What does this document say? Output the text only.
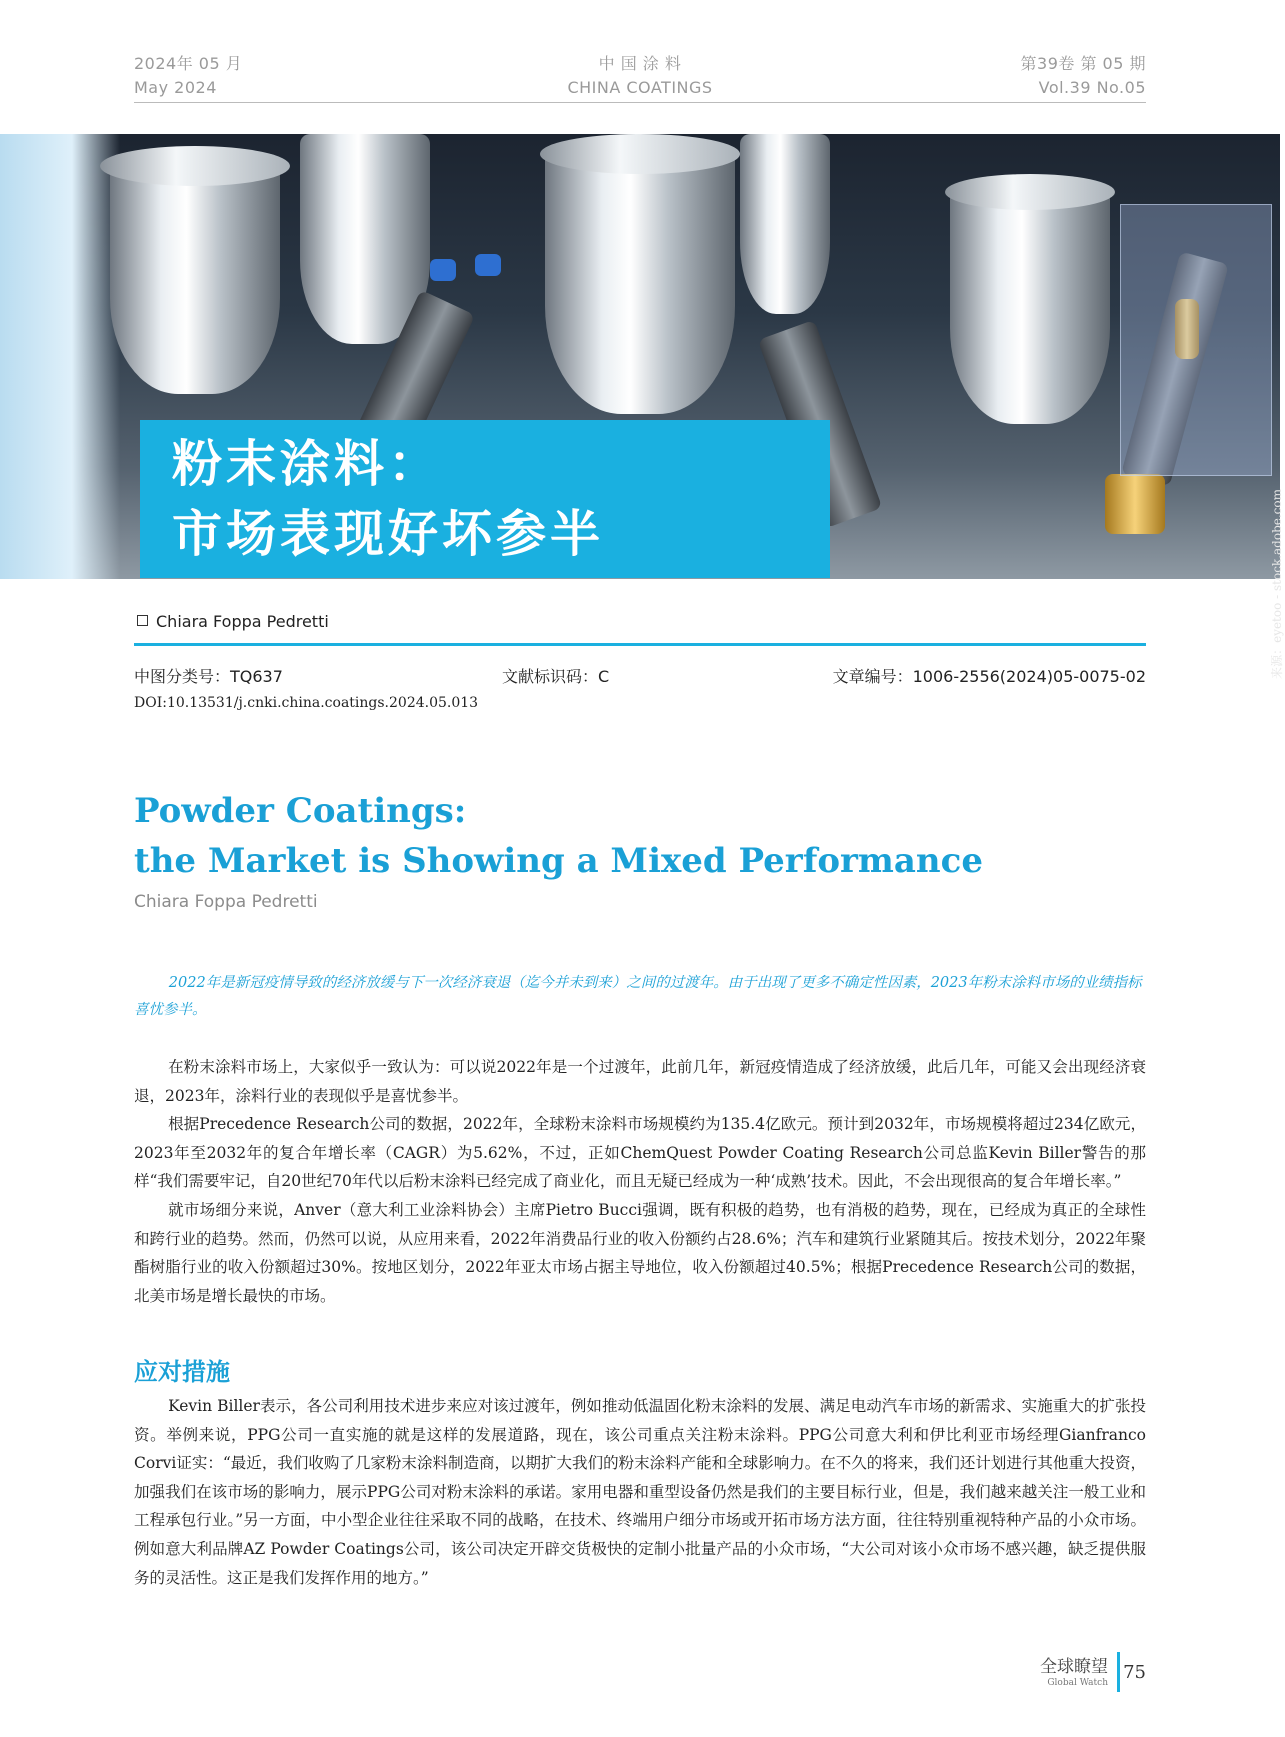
2024年 05 月
May 2024
中 国 涂 料
CHINA COATINGS
第39卷 第 05 期
Vol.39 No.05
来源：eyetoo - stock.adobe.com
粉末涂料：
市场表现好坏参半
Chiara Foppa Pedretti
中图分类号：TQ637	文献标识码：C	文章编号：1006-2556(2024)05-0075-02
DOI:10.13531/j.cnki.china.coatings.2024.05.013
Powder Coatings:
the Market is Showing a Mixed Performance
Chiara Foppa Pedretti
2022年是新冠疫情导致的经济放缓与下一次经济衰退（迄今并未到来）之间的过渡年。由于出现了更多不确定性因素，2023年粉末涂料市场的业绩指标喜忧参半。

在粉末涂料市场上，大家似乎一致认为：可以说2022年是一个过渡年，此前几年，新冠疫情造成了经济放缓，此后几年，可能又会出现经济衰退，2023年，涂料行业的表现似乎是喜忧参半。

根据Precedence Research公司的数据，2022年，全球粉末涂料市场规模约为135.4亿欧元。预计到2032年，市场规模将超过234亿欧元，2023年至2032年的复合年增长率（CAGR）为5.62%，不过，正如ChemQuest Powder Coating Research公司总监Kevin Biller警告的那样“我们需要牢记，自20世纪70年代以后粉末涂料已经完成了商业化，而且无疑已经成为一种‘成熟’技术。因此，不会出现很高的复合年增长率。”

就市场细分来说，Anver（意大利工业涂料协会）主席Pietro Bucci强调，既有积极的趋势，也有消极的趋势，现在，已经成为真正的全球性和跨行业的趋势。然而，仍然可以说，从应用来看，2022年消费品行业的收入份额约占28.6%；汽车和建筑行业紧随其后。按技术划分，2022年聚酯树脂行业的收入份额超过30%。按地区划分，2022年亚太市场占据主导地位，收入份额超过40.5%；根据Precedence Research公司的数据，北美市场是增长最快的市场。

应对措施

Kevin Biller表示，各公司利用技术进步来应对该过渡年，例如推动低温固化粉末涂料的发展、满足电动汽车市场的新需求、实施重大的扩张投资。举例来说，PPG公司一直实施的就是这样的发展道路，现在，该公司重点关注粉末涂料。PPG公司意大利和伊比利亚市场经理Gianfranco Corvi证实：“最近，我们收购了几家粉末涂料制造商，以期扩大我们的粉末涂料产能和全球影响力。在不久的将来，我们还计划进行其他重大投资，加强我们在该市场的影响力，展示PPG公司对粉末涂料的承诺。家用电器和重型设备仍然是我们的主要目标行业，但是，我们越来越关注一般工业和工程承包行业。”另一方面，中小型企业往往采取不同的战略，在技术、终端用户细分市场或开拓市场方法方面，往往特别重视特种产品的小众市场。例如意大利品牌AZ Powder Coatings公司，该公司决定开辟交货极快的定制小批量产品的小众市场，“大公司对该小众市场不感兴趣，缺乏提供服务的灵活性。这正是我们发挥作用的地方。”

全球瞭望
Global Watch 75
